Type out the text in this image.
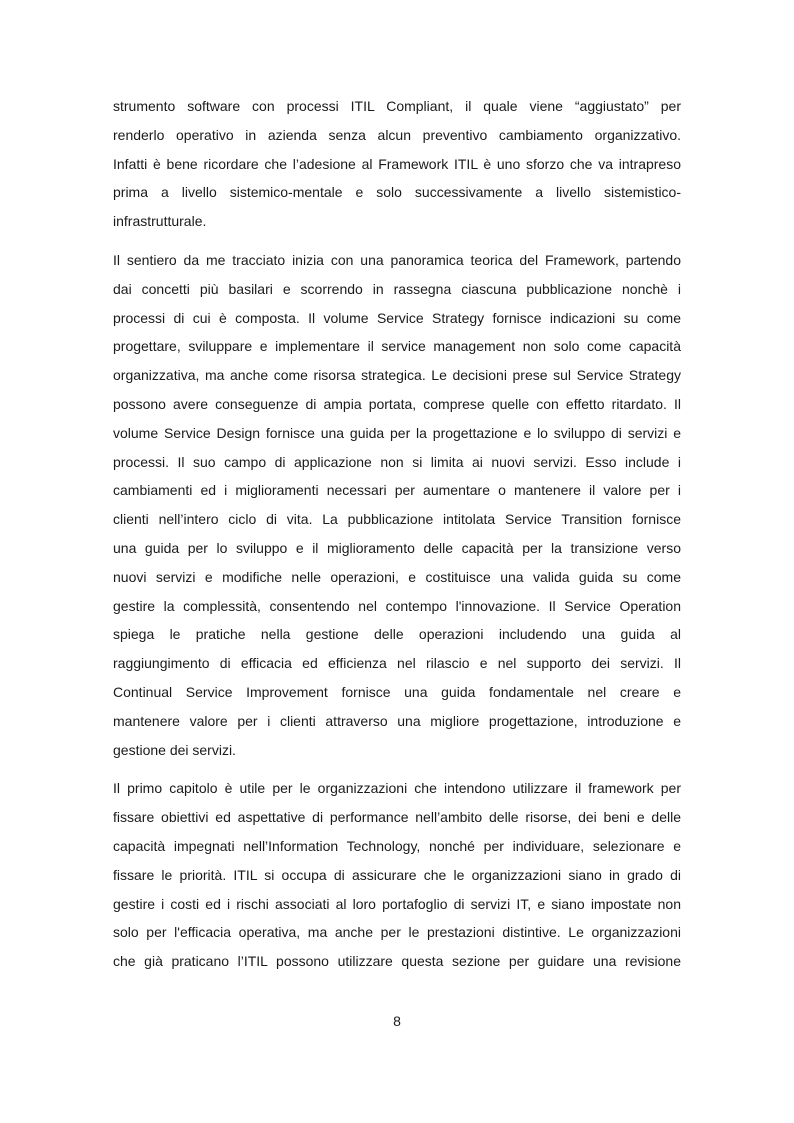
strumento software con processi ITIL Compliant, il quale viene “aggiustato” per
renderlo operativo in azienda senza alcun preventivo cambiamento organizzativo.
Infatti è bene ricordare che l’adesione al Framework ITIL è uno sforzo che va intrapreso
prima a livello sistemico-mentale e solo successivamente a livello sistemistico-
infrastrutturale.
Il sentiero da me tracciato inizia con una panoramica teorica del Framework, partendo
dai concetti più basilari e scorrendo in rassegna ciascuna pubblicazione nonchè i
processi di cui è composta. Il volume Service Strategy fornisce indicazioni su come
progettare, sviluppare e implementare il service management non solo come capacità
organizzativa, ma anche come risorsa strategica. Le decisioni prese sul Service Strategy
possono avere conseguenze di ampia portata, comprese quelle con effetto ritardato. Il
volume Service Design fornisce una guida per la progettazione e lo sviluppo di servizi e
processi. Il suo campo di applicazione non si limita ai nuovi servizi. Esso include i
cambiamenti ed i miglioramenti necessari per aumentare o mantenere il valore per i
clienti nell’intero ciclo di vita. La pubblicazione intitolata Service Transition fornisce
una guida per lo sviluppo e il miglioramento delle capacità per la transizione verso
nuovi servizi e modifiche nelle operazioni, e costituisce una valida guida su come
gestire la complessità, consentendo nel contempo l'innovazione. Il Service Operation
spiega le pratiche nella gestione delle operazioni includendo una guida al
raggiungimento di efficacia ed efficienza nel rilascio e nel supporto dei servizi. Il
Continual Service Improvement fornisce una guida fondamentale nel creare e
mantenere valore per i clienti attraverso una migliore progettazione, introduzione e
gestione dei servizi.
Il primo capitolo è utile per le organizzazioni che intendono utilizzare il framework per
fissare obiettivi ed aspettative di performance nell’ambito delle risorse, dei beni e delle
capacità impegnati nell’Information Technology, nonché per individuare, selezionare e
fissare le priorità. ITIL si occupa di assicurare che le organizzazioni siano in grado di
gestire i costi ed i rischi associati al loro portafoglio di servizi IT, e siano impostate non
solo per l'efficacia operativa, ma anche per le prestazioni distintive. Le organizzazioni
che già praticano l’ITIL possono utilizzare questa sezione per guidare una revisione
8
